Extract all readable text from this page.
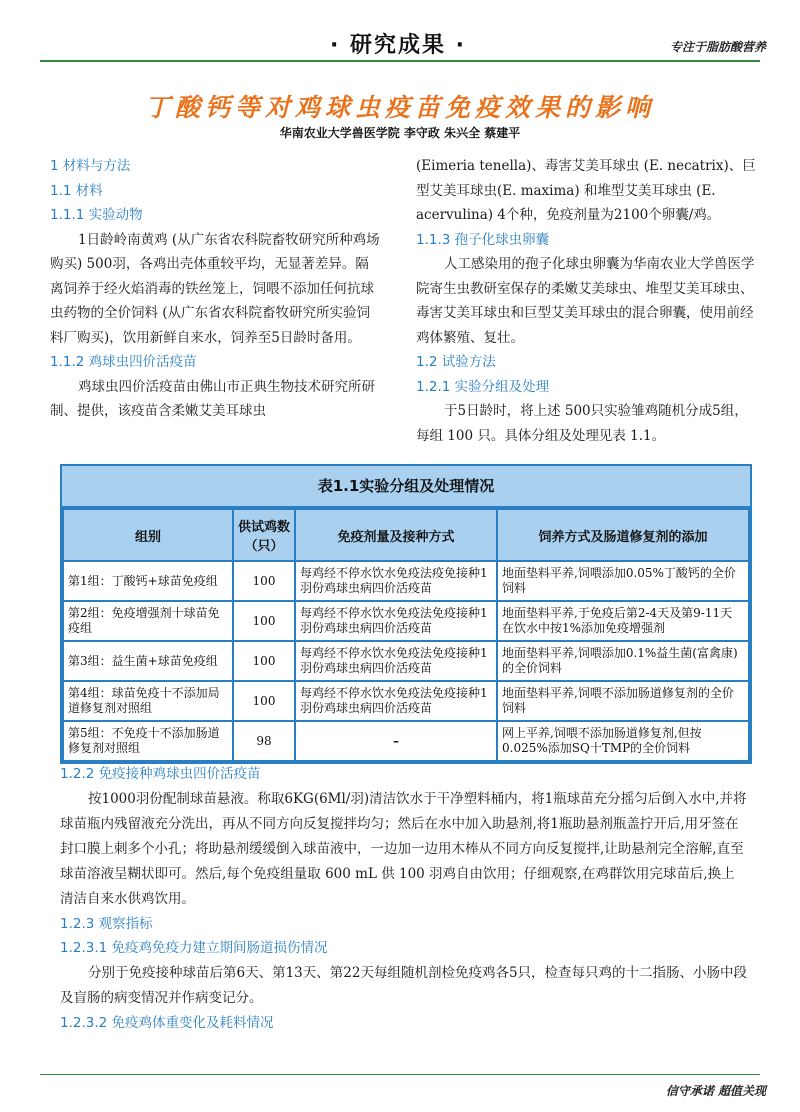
· 研究成果 ·	专注于脂肪酸营养
丁酸钙等对鸡球虫疫苗免疫效果的影响
华南农业大学兽医学院 李守政 朱兴全 蔡建平
1 材料与方法
1.1 材料
1.1.1 实验动物

1日龄岭南黄鸡 (从广东省农科院畜牧研究所种鸡场购买) 500羽，各鸡出壳体重较平均，无显著差异。隔离饲养于经火焰消毒的铁丝笼上，饲喂不添加任何抗球虫药物的全价饲料 (从广东省农科院畜牧研究所实验饲料厂购买)，饮用新鲜自来水，饲养至5日龄时备用。

1.1.2 鸡球虫四价活疫苗

鸡球虫四价活疫苗由佛山市正典生物技术研究所研制、提供，该疫苗含柔嫩艾美耳球虫

(Eimeria tenella)、毒害艾美耳球虫 (E. necatrix)、巨型艾美耳球虫(E. maxima) 和堆型艾美耳球虫 (E. acervulina) 4个种，免疫剂量为2100个卵囊/鸡。

1.1.3 孢子化球虫卵囊

人工感染用的孢子化球虫卵囊为华南农业大学兽医学院寄生虫教研室保存的柔嫩艾美球虫、堆型艾美耳球虫、毒害艾美耳球虫和巨型艾美耳球虫的混合卵囊，使用前经鸡体繁殖、复壮。

1.2 试验方法
1.2.1 实验分组及处理

于5日龄时，将上述 500只实验雏鸡随机分成5组，每组 100 只。具体分组及处理见表 1.1。

表1.1实验分组及处理情况
组别	供试鸡数（只）	免疫剂量及接种方式	饲养方式及肠道修复剂的添加
第1组：丁酸钙+球苗免疫组	100	每鸡经不停水饮水免疫法疫免接种1羽份鸡球虫病四价活疫苗	地面垫料平养,饲喂添加0.05%丁酸钙的全价饲料
第2组：免疫增强剂十球苗免疫组	100	每鸡经不停水饮水免疫法免疫接种1羽份鸡球虫病四价活疫苗	地面垫料平养,于免疫后第2-4天及第9-11天在饮水中按1%添加免疫增强剂
第3组：益生菌+球苗免疫组	100	每鸡经不停水饮水免疫法免疫接种1羽份鸡球虫病四价活疫苗	地面垫料平养,饲喂添加0.1%益生菌(富禽康)的全价饲料
第4组：球苗免疫十不添加局道修复剂对照组	100	每鸡经不停水饮水免疫法免疫接种1羽份鸡球虫病四价活疫苗	地面垫料平养,饲喂不添加肠道修复剂的全价饲料
第5组：不免疫十不添加肠道修复剂对照组	98	–	网上平养,饲喂不添加肠道修复剂,但按0.025%添加SQ十TMP的全价饲料
1.2.2 免疫接种鸡球虫四价活疫苗

按1000羽份配制球苗悬液。称取6KG(6Ml/羽)清洁饮水于干净塑料桶内，将1瓶球苗充分摇匀后倒入水中,并将球苗瓶内残留液充分洗出，再从不同方向反复搅拌均匀；然后在水中加入助悬剂,将1瓶助悬剂瓶盖拧开后,用牙签在封口膜上刺多个小孔；将助悬剂缓缓倒入球苗液中，一边加一边用木棒从不同方向反复搅拌,让助悬剂完全溶解,直至球苗溶液呈糊状即可。然后,每个免疫组量取 600 mL 供 100 羽鸡自由饮用；仔细观察,在鸡群饮用完球苗后,换上清洁自来水供鸡饮用。

1.2.3 观察指标
1.2.3.1 免疫鸡免疫力建立期间肠道损伤情况

分别于免疫接种球苗后第6天、第13天、第22天每组随机剖检免疫鸡各5只，检查每只鸡的十二指肠、小肠中段及盲肠的病变情况并作病变记分。

1.2.3.2 免疫鸡体重变化及耗料情况
信守承诺 超值关现
